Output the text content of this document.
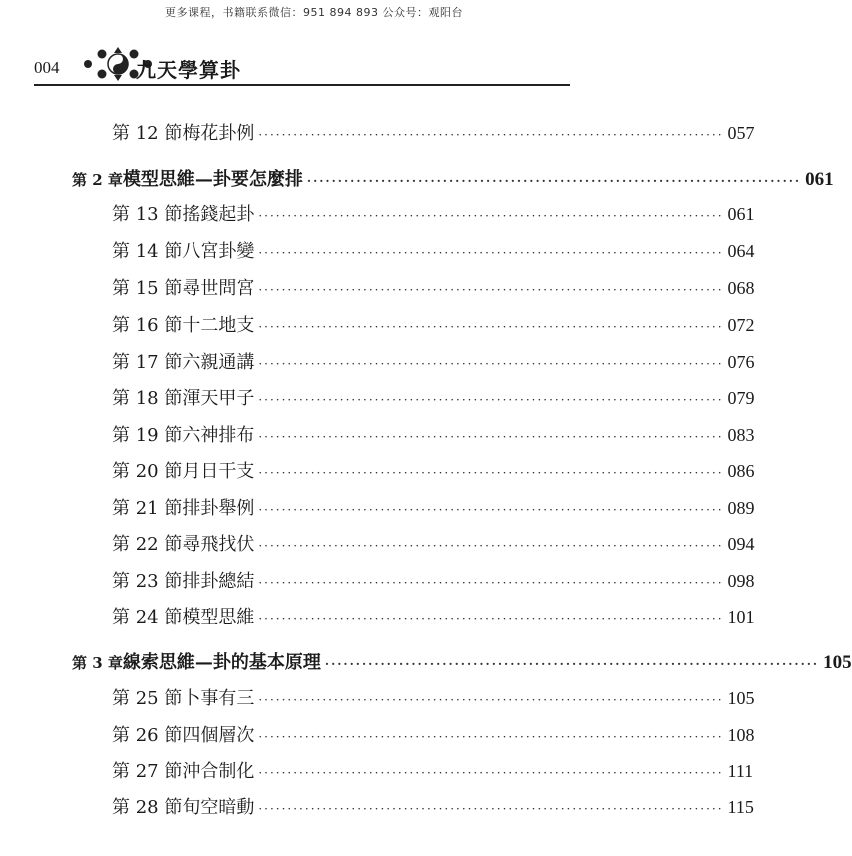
更多课程，书籍联系微信：951 894 893 公众号：观阳台
004	九天學算卦
第 12 節 梅花卦例 ················································································ 057
第 2 章 模型思維—卦要怎麼排 ················································································ 061
第 13 節 搖錢起卦 ················································································ 061
第 14 節 八宮卦變 ················································································ 064
第 15 節 尋世問宮 ················································································ 068
第 16 節 十二地支 ················································································ 072
第 17 節 六親通講 ················································································ 076
第 18 節 渾天甲子 ················································································ 079
第 19 節 六神排布 ················································································ 083
第 20 節 月日干支 ················································································ 086
第 21 節 排卦舉例 ················································································ 089
第 22 節 尋飛找伏 ················································································ 094
第 23 節 排卦總結 ················································································ 098
第 24 節 模型思維 ················································································ 101
第 3 章 線索思維—卦的基本原理 ················································································ 105
第 25 節 卜事有三 ················································································ 105
第 26 節 四個層次 ················································································ 108
第 27 節 沖合制化 ················································································ 111
第 28 節 旬空暗動 ················································································ 115
